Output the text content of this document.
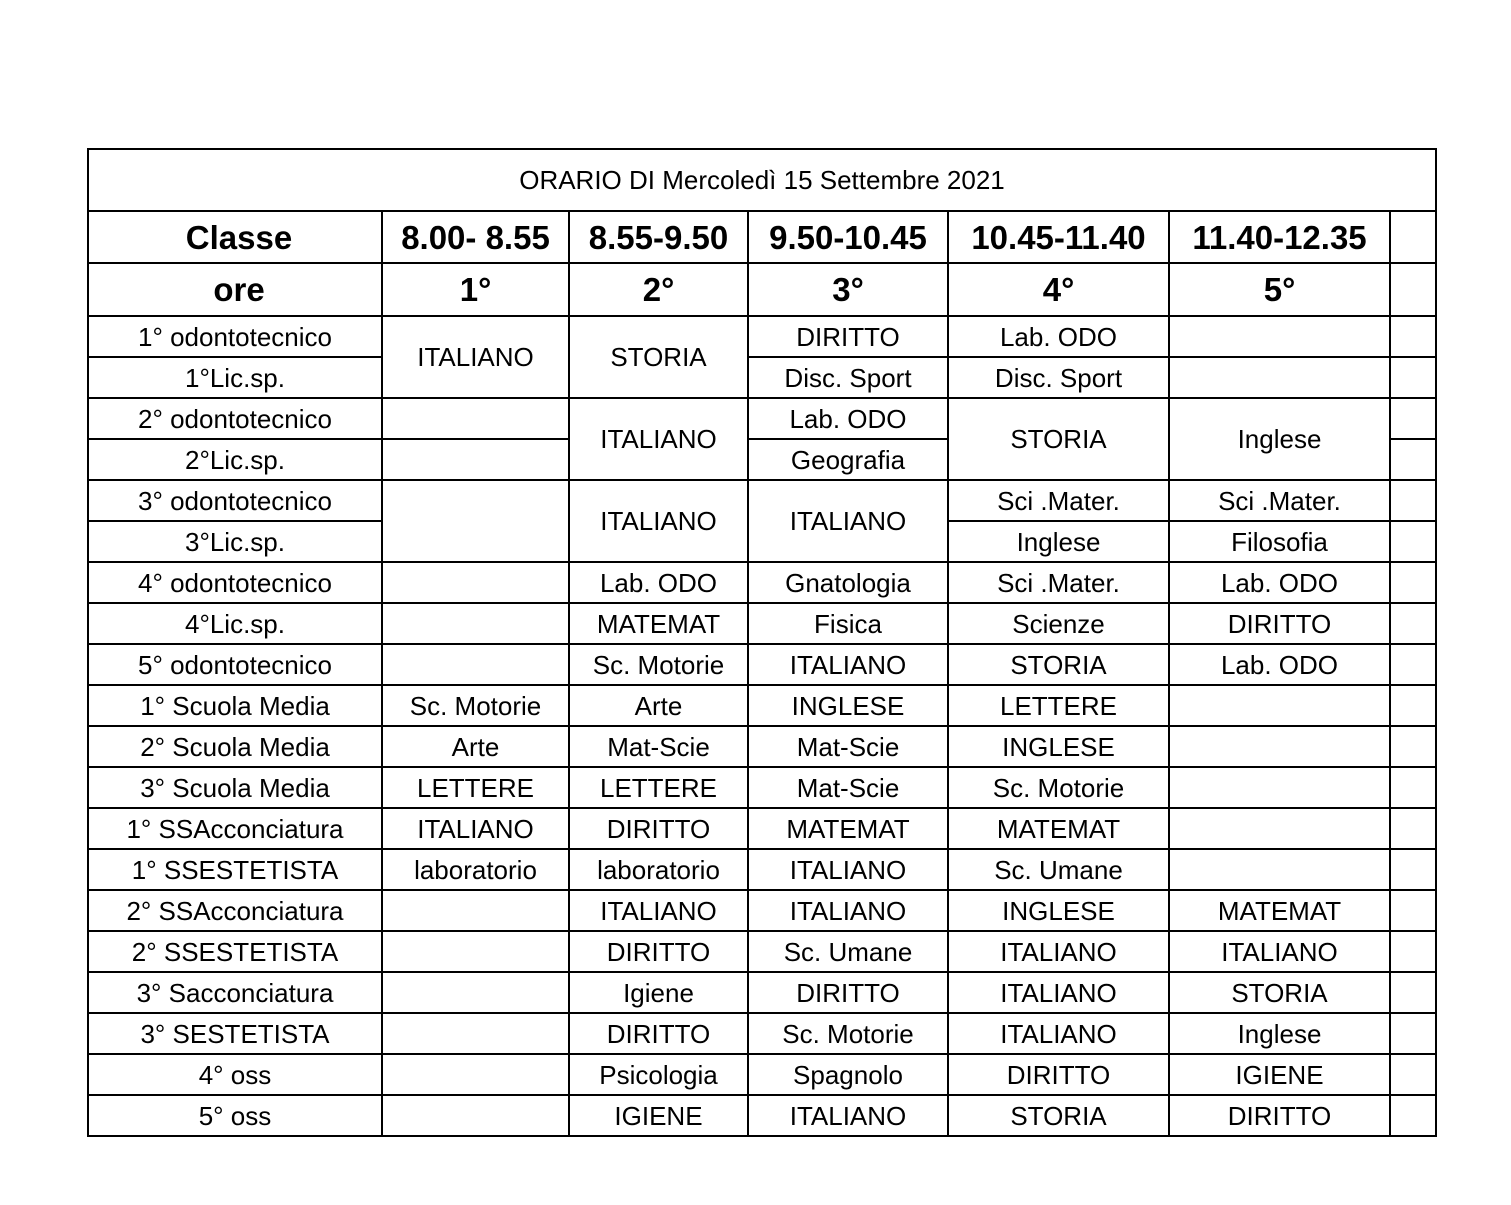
ORARIO DI Mercoledì 15 Settembre 2021						
Classe	8.00- 8.55	8.55-9.50	9.50-10.45	10.45-11.40	11.40-12.35	
ore	1°	2°	3°	4°	5°	
1° odontotecnico	ITALIANO	STORIA	DIRITTO	Lab. ODO		
1°Lic.sp.			Disc. Sport	Disc. Sport		
2° odontotecnico		ITALIANO	Lab. ODO	STORIA	Inglese	
2°Lic.sp.			Geografia			
3° odontotecnico		ITALIANO	ITALIANO	Sci .Mater.	Sci .Mater.	
3°Lic.sp.				Inglese	Filosofia	
4° odontotecnico		Lab. ODO	Gnatologia	Sci .Mater.	Lab. ODO	
4°Lic.sp.		MATEMAT	Fisica	Scienze	DIRITTO	
5° odontotecnico		Sc. Motorie	ITALIANO	STORIA	Lab. ODO	
1° Scuola Media	Sc. Motorie	Arte	INGLESE	LETTERE		
2° Scuola Media	Arte	Mat-Scie	Mat-Scie	INGLESE		
3° Scuola Media	LETTERE	LETTERE	Mat-Scie	Sc. Motorie		
1° SSAcconciatura	ITALIANO	DIRITTO	MATEMAT	MATEMAT		
1° SSESTETISTA	laboratorio	laboratorio	ITALIANO	Sc. Umane		
2° SSAcconciatura		ITALIANO	ITALIANO	INGLESE	MATEMAT	
2° SSESTETISTA		DIRITTO	Sc. Umane	ITALIANO	ITALIANO	
3° Sacconciatura		Igiene	DIRITTO	ITALIANO	STORIA	
3° SESTETISTA		DIRITTO	Sc. Motorie	ITALIANO	Inglese	
4° oss		Psicologia	Spagnolo	DIRITTO	IGIENE	
5° oss		IGIENE	ITALIANO	STORIA	DIRITTO	
